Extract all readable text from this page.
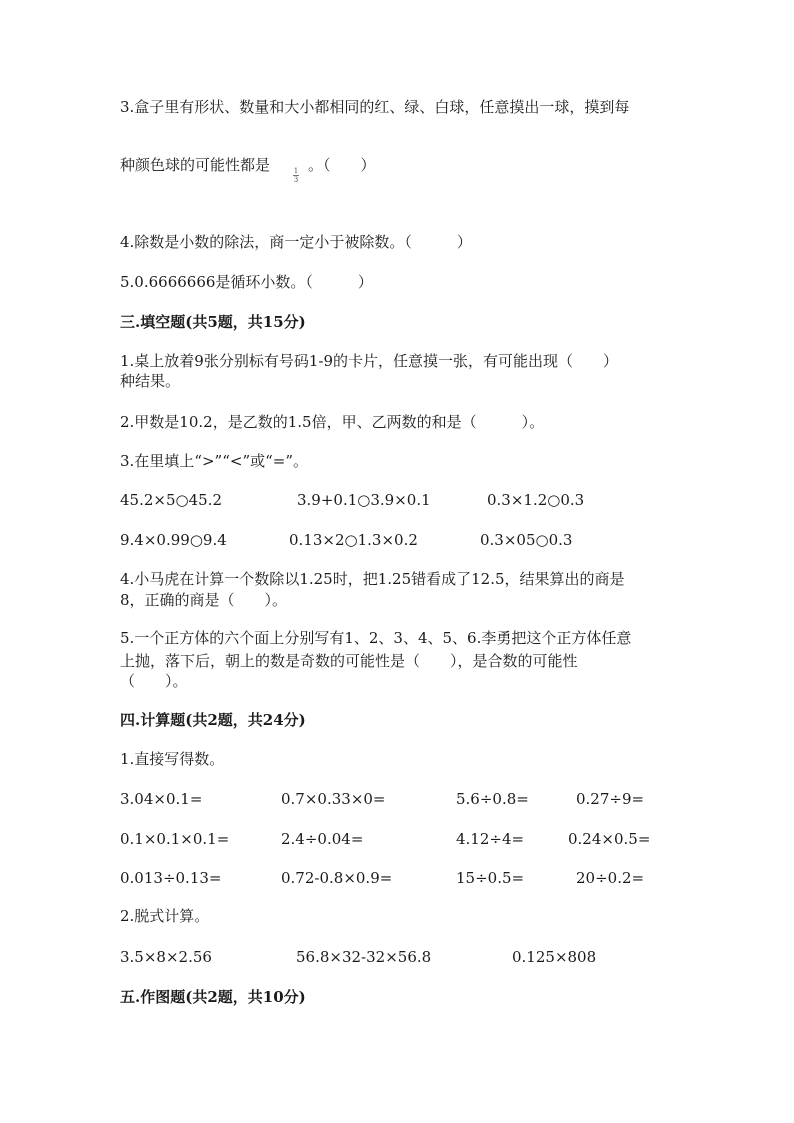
3.盒子里有形状、数量和大小都相同的红、绿、白球，任意摸出一球，摸到每
种颜色球的可能性都是	。（　　）
1
3
4.除数是小数的除法，商一定小于被除数。（　　　）
5.0.6666666是循环小数。（　　　）
三.填空题(共5题，共15分)
1.桌上放着9张分别标有号码1-9的卡片，任意摸一张，有可能出现（　　）
种结果。
2.甲数是10.2，是乙数的1.5倍，甲、乙两数的和是（　　　）。
3.在里填上“>”“<”或“=”。
45.2×5○45.2	3.9+0.1○3.9×0.1	0.3×1.2○0.3
9.4×0.99○9.4	0.13×2○1.3×0.2	0.3×05○0.3
4.小马虎在计算一个数除以1.25时，把1.25错看成了12.5，结果算出的商是
8，正确的商是（　　）。
5.一个正方体的六个面上分别写有1、2、3、4、5、6.李勇把这个正方体任意
上抛，落下后，朝上的数是奇数的可能性是（　　），是合数的可能性
（　　）。
四.计算题(共2题，共24分)
1.直接写得数。
3.04×0.1=	0.7×0.33×0=	5.6÷0.8=	0.27÷9=
0.1×0.1×0.1=	2.4÷0.04=	4.12÷4=	0.24×0.5=
0.013÷0.13=	0.72-0.8×0.9=	15÷0.5=	20÷0.2=
2.脱式计算。
3.5×8×2.56	56.8×32-32×56.8	0.125×808
五.作图题(共2题，共10分)
